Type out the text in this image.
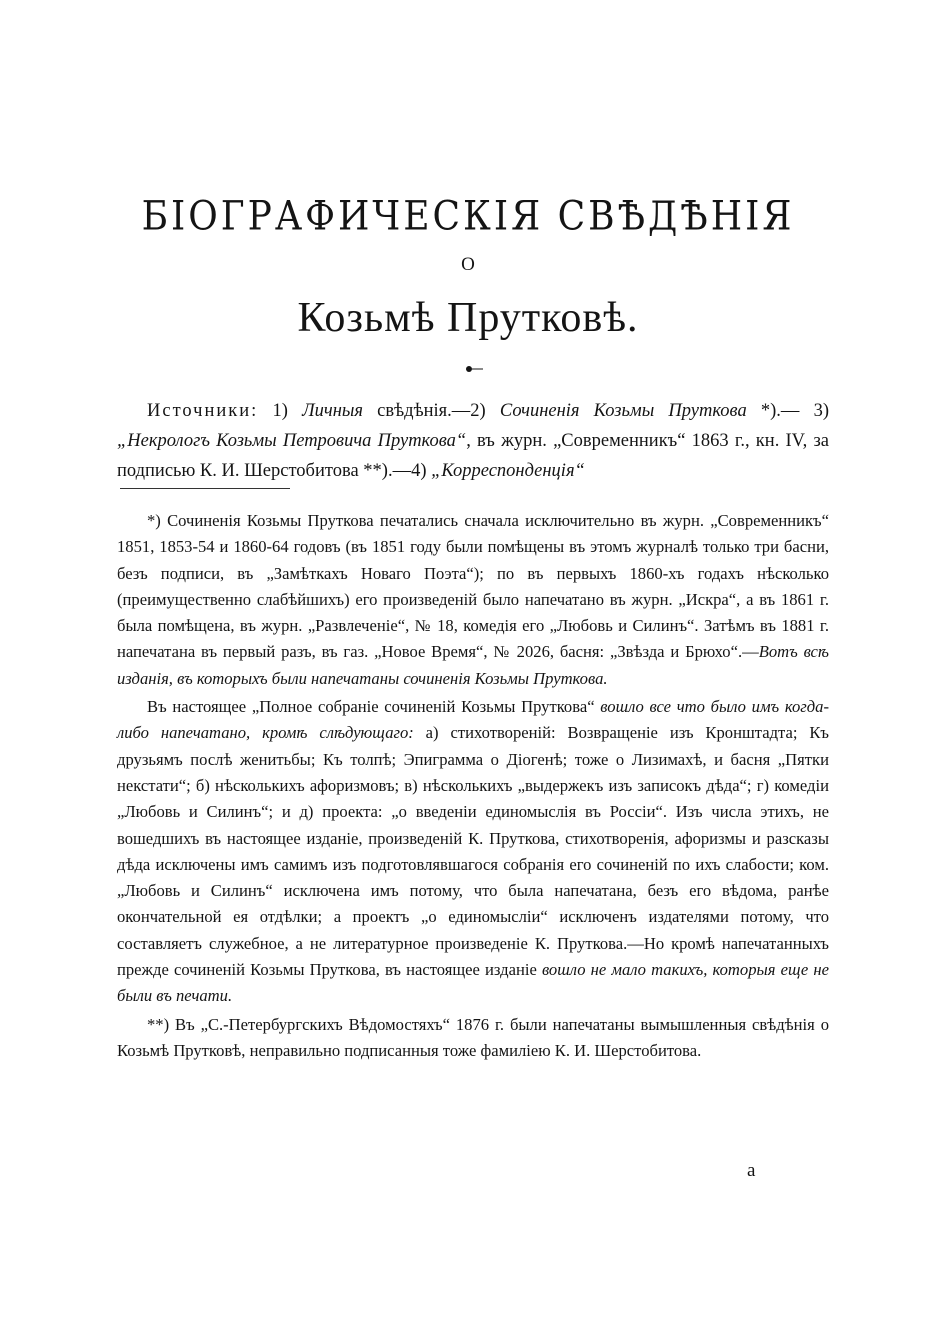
БІОГРАФИЧЕСКІЯ СВѢДѢНІЯ
О
Козьмѣ Прутковѣ.

Источники: 1) Личныя свѣдѣнія.—2) Сочиненія Козьмы Пруткова *).— 3) „Некрологъ Козьмы Петровича Пруткова“, въ журн. „Современникъ“ 1863 г., кн. IV, за подписью К. И. Шерстобитова **).—4) „Корреспонденція“

*) Сочиненія Козьмы Пруткова печатались сначала исключительно въ журн. „Современникъ“ 1851, 1853-54 и 1860-64 годовъ (въ 1851 году были помѣщены въ этомъ журналѣ только три басни, безъ подписи, въ „Замѣткахъ Новаго Поэта“); по въ первыхъ 1860-хъ годахъ нѣсколько (преимущественно слабѣйшихъ) его произведеній было напечатано въ журн. „Искра“, а въ 1861 г. была помѣщена, въ журн. „Развлеченіе“, № 18, комедія его „Любовь и Силинъ“. Затѣмъ въ 1881 г. напечатана въ первый разъ, въ газ. „Новое Время“, № 2026, басня: „Звѣзда и Брюхо“.—Вотъ всѣ изданія, въ которыхъ были напечатаны сочиненія Козьмы Пруткова.

Въ настоящее „Полное собраніе сочиненій Козьмы Пруткова“ вошло все что было имъ когда-либо напечатано, кромѣ слѣдующаго: а) стихотвореній: Возвращеніе изъ Кронштадта; Къ друзьямъ послѣ женитьбы; Къ толпѣ; Эпиграмма о Діогенѣ; тоже о Лизимахѣ, и басня „Пятки некстати“; б) нѣсколькихъ афоризмовъ; в) нѣсколькихъ „выдержекъ изъ записокъ дѣда“; г) комедіи „Любовь и Силинъ“; и д) проекта: „о введеніи единомыслія въ Россіи“. Изъ числа этихъ, не вошедшихъ въ настоящее изданіе, произведеній К. Пруткова, стихотворенія, афоризмы и разсказы дѣда исключены имъ самимъ изъ подготовлявшагося собранія его сочиненій по ихъ слабости; ком. „Любовь и Силинъ“ исключена имъ потому, что была напечатана, безъ его вѣдома, ранѣе окончательной ея отдѣлки; а проектъ „о единомысліи“ исключенъ издателями потому, что составляетъ служебное, а не литературное произведеніе К. Пруткова.—Но кромѣ напечатанныхъ прежде сочиненій Козьмы Пруткова, въ настоящее изданіе вошло не мало такихъ, которыя еще не были въ печати.

**) Въ „С.-Петербургскихъ Вѣдомостяхъ“ 1876 г. были напечатаны вымышленныя свѣдѣнія о Козьмѣ Прутковѣ, неправильно подписанныя тоже фамиліею К. И. Шерстобитова.

а
